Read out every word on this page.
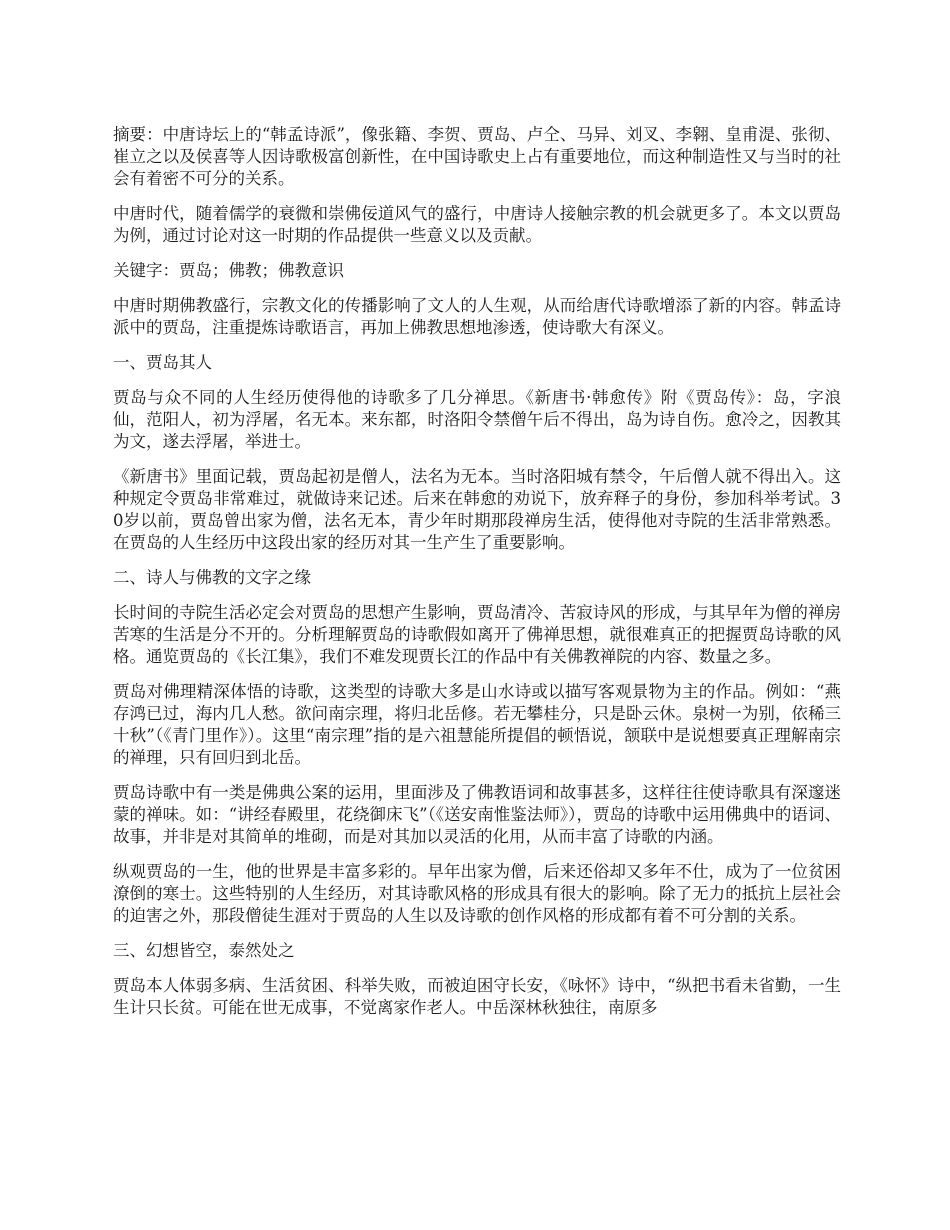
摘要：中唐诗坛上的“韩孟诗派”，像张籍、李贺、贾岛、卢仝、马异、刘叉、李翱、皇甫湜、张彻、崔立之以及侯喜等人因诗歌极富创新性，在中国诗歌史上占有重要地位，而这种制造性又与当时的社会有着密不可分的关系。

中唐时代，随着儒学的衰微和崇佛佞道风气的盛行，中唐诗人接触宗教的机会就更多了。本文以贾岛为例，通过讨论对这一时期的作品提供一些意义以及贡献。

关键字：贾岛；佛教；佛教意识

中唐时期佛教盛行，宗教文化的传播影响了文人的人生观，从而给唐代诗歌增添了新的内容。韩孟诗派中的贾岛，注重提炼诗歌语言，再加上佛教思想地渗透，使诗歌大有深义。

一、贾岛其人

贾岛与众不同的人生经历使得他的诗歌多了几分禅思。《新唐书·韩愈传》附《贾岛传》：岛，字浪仙，范阳人，初为浮屠，名无本。来东都，时洛阳令禁僧午后不得出，岛为诗自伤。愈冷之，因教其为文，遂去浮屠，举进士。

《新唐书》里面记载，贾岛起初是僧人，法名为无本。当时洛阳城有禁令，午后僧人就不得出入。这种规定令贾岛非常难过，就做诗来记述。后来在韩愈的劝说下，放弃释子的身份，参加科举考试。30岁以前，贾岛曾出家为僧，法名无本，青少年时期那段禅房生活，使得他对寺院的生活非常熟悉。在贾岛的人生经历中这段出家的经历对其一生产生了重要影响。

二、诗人与佛教的文字之缘

长时间的寺院生活必定会对贾岛的思想产生影响，贾岛清冷、苦寂诗风的形成，与其早年为僧的禅房苦寒的生活是分不开的。分析理解贾岛的诗歌假如离开了佛禅思想，就很难真正的把握贾岛诗歌的风格。通览贾岛的《长江集》，我们不难发现贾长江的作品中有关佛教禅院的内容、数量之多。

贾岛对佛理精深体悟的诗歌，这类型的诗歌大多是山水诗或以描写客观景物为主的作品。例如：“燕存鸿已过，海内几人愁。欲问南宗理，将归北岳修。若无攀桂分，只是卧云休。泉树一为别，依稀三十秋”（《青门里作》）。这里“南宗理”指的是六祖慧能所提倡的顿悟说，颔联中是说想要真正理解南宗的禅理，只有回归到北岳。

贾岛诗歌中有一类是佛典公案的运用，里面涉及了佛教语词和故事甚多，这样往往使诗歌具有深邃迷蒙的禅味。如：“讲经春殿里，花绕御床飞”（《送安南惟鉴法师》），贾岛的诗歌中运用佛典中的语词、故事，并非是对其简单的堆砌，而是对其加以灵活的化用，从而丰富了诗歌的内涵。

纵观贾岛的一生，他的世界是丰富多彩的。早年出家为僧，后来还俗却又多年不仕，成为了一位贫困潦倒的寒士。这些特别的人生经历，对其诗歌风格的形成具有很大的影响。除了无力的抵抗上层社会的迫害之外，那段僧徒生涯对于贾岛的人生以及诗歌的创作风格的形成都有着不可分割的关系。

三、幻想皆空，泰然处之

贾岛本人体弱多病、生活贫困、科举失败，而被迫困守长安，《咏怀》诗中，“纵把书看未省勤，一生生计只长贫。可能在世无成事，不觉离家作老人。中岳深林秋独往，南原多
